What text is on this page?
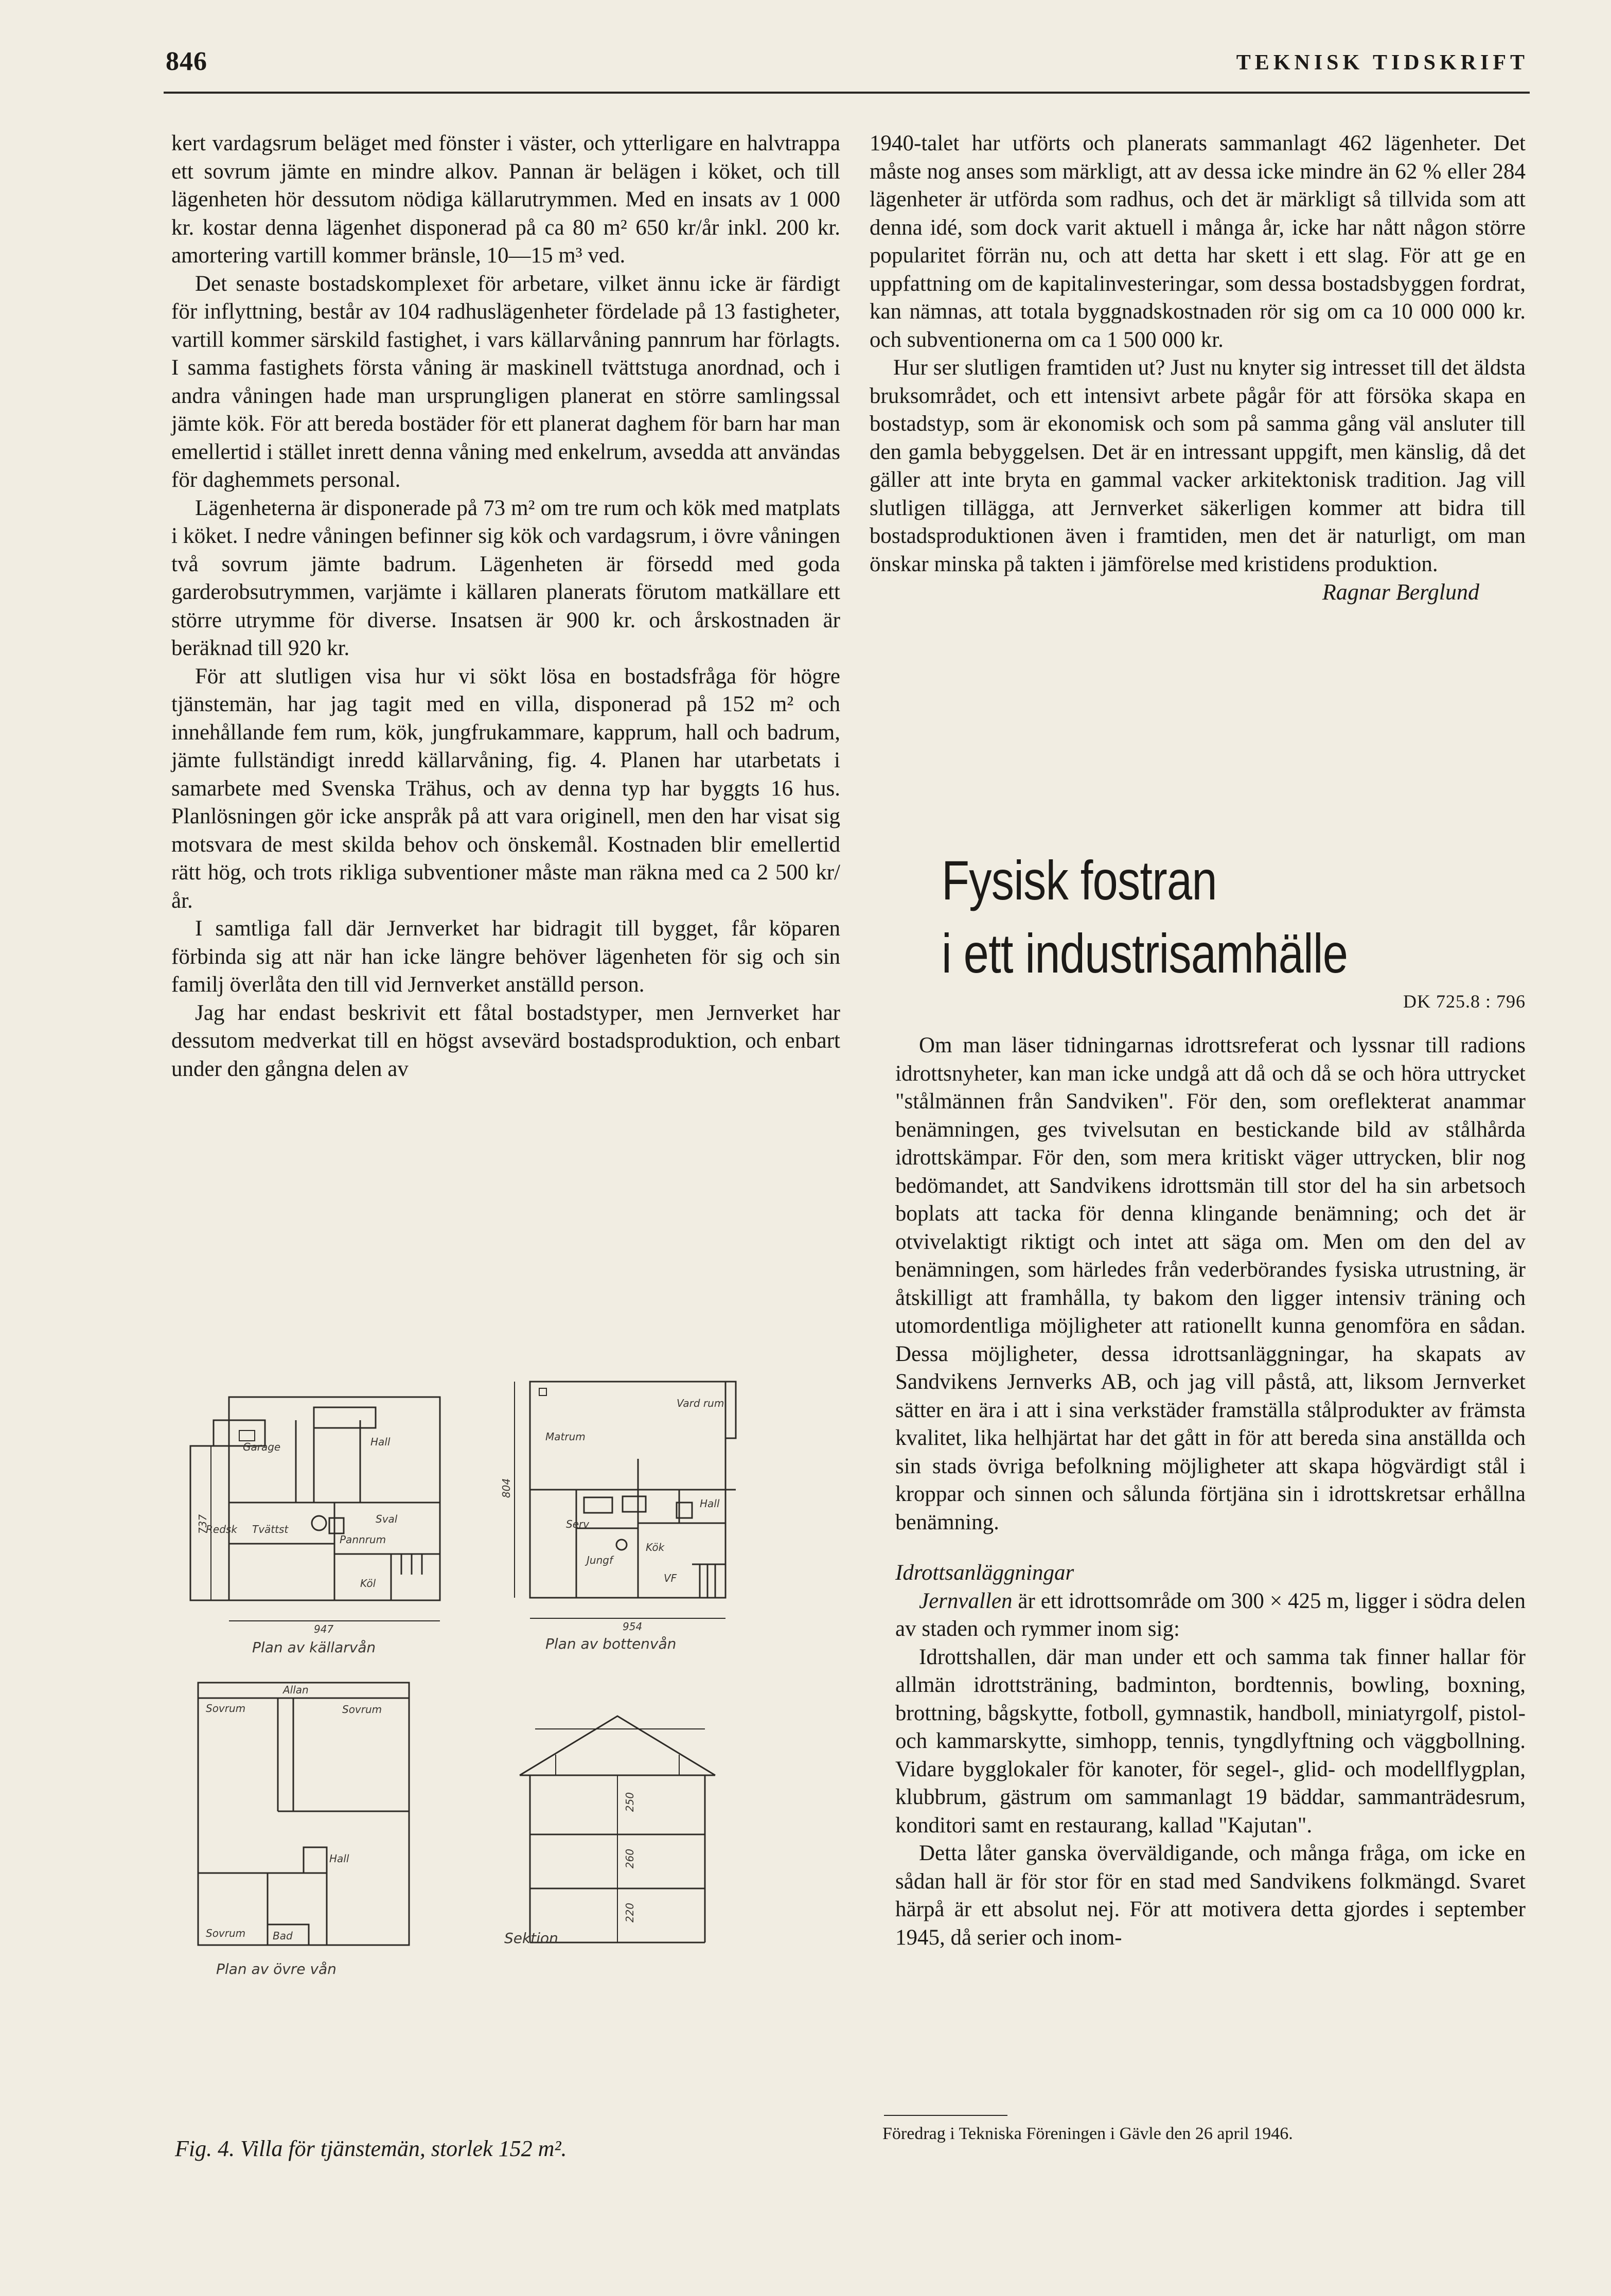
846	TEKNISK TIDSKRIFT

kert vardagsrum beläget med fönster i väster, och ytterligare en halvtrappa ett sovrum jämte en mindre alkov. Pannan är belägen i köket, och till lägenheten hör dessutom nödiga källarutrymmen. Med en insats av 1 000 kr. kostar denna lägenhet disponerad på ca 80 m² 650 kr/år inkl. 200 kr. amortering vartill kommer bränsle, 10—15 m³ ved.

Det senaste bostadskomplexet för arbetare, vilket ännu icke är färdigt för inflyttning, består av 104 radhuslägenheter fördelade på 13 fastigheter, vartill kommer särskild fastighet, i vars källarvåning pannrum har förlagts. I samma fastighets första våning är maskinell tvättstuga anordnad, och i andra våningen hade man ursprungligen planerat en större samlingssal jämte kök. För att bereda bostäder för ett planerat daghem för barn har man emellertid i stället inrett denna våning med enkelrum, avsedda att användas för daghemmets personal.

Lägenheterna är disponerade på 73 m² om tre rum och kök med matplats i köket. I nedre våningen befinner sig kök och vardagsrum, i övre våningen två sovrum jämte badrum. Lägenheten är försedd med goda garderobsutrymmen, varjämte i källaren planerats förutom matkällare ett större utrymme för diverse. Insatsen är 900 kr. och årskostnaden är beräknad till 920 kr.

För att slutligen visa hur vi sökt lösa en bostadsfråga för högre tjänstemän, har jag tagit med en villa, disponerad på 152 m² och innehållande fem rum, kök, jungfrukammare, kapprum, hall och badrum, jämte fullständigt inredd källarvåning, fig. 4. Planen har utarbetats i samarbete med Svenska Trähus, och av denna typ har byggts 16 hus. Planlösningen gör icke anspråk på att vara originell, men den har visat sig motsvara de mest skilda behov och önskemål. Kostnaden blir emellertid rätt hög, och trots rikliga subventioner måste man räkna med ca 2 500 kr/år.

I samtliga fall där Jernverket har bidragit till bygget, får köparen förbinda sig att när han icke längre behöver lägenheten för sig och sin familj överlåta den till vid Jernverket anställd person.

Jag har endast beskrivit ett fåtal bostadstyper, men Jernverket har dessutom medverkat till en högst avsevärd bostadsproduktion, och enbart under den gångna delen av

1940-talet har utförts och planerats sammanlagt 462 lägenheter. Det måste nog anses som märkligt, att av dessa icke mindre än 62 % eller 284 lägenheter är utförda som radhus, och det är märkligt så tillvida som att denna idé, som dock varit aktuell i många år, icke har nått någon större popularitet förrän nu, och att detta har skett i ett slag. För att ge en uppfattning om de kapitalinvesteringar, som dessa bostadsbyggen fordrat, kan nämnas, att totala byggnadskostnaden rör sig om ca 10 000 000 kr. och subventionerna om ca 1 500 000 kr.

Hur ser slutligen framtiden ut? Just nu knyter sig intresset till det äldsta bruksområdet, och ett intensivt arbete pågår för att försöka skapa en bostadstyp, som är ekonomisk och som på samma gång väl ansluter till den gamla bebyggelsen. Det är en intressant uppgift, men känslig, då det gäller att inte bryta en gammal vacker arkitektonisk tradition. Jag vill slutligen tillägga, att Jernverket säkerligen kommer att bidra till bostadsproduktionen även i framtiden, men det är naturligt, om man önskar minska på takten i jämförelse med kristidens produktion.

Ragnar Berglund
Fysisk fostran
i ett industrisamhälle
DK 725.8 : 796

Om man läser tidningarnas idrottsreferat och lyssnar till radions idrottsnyheter, kan man icke undgå att då och då se och höra uttrycket "stålmännen från Sandviken". För den, som oreflekterat anammar benämningen, ges tvivelsutan en bestickande bild av stålhårda idrottskämpar. För den, som mera kritiskt väger uttrycken, blir nog bedömandet, att Sandvikens idrottsmän till stor del ha sin arbetsoch boplats att tacka för denna klingande benämning; och det är otvivelaktigt riktigt och intet att säga om. Men om den del av benämningen, som härledes från vederbörandes fysiska utrustning, är åtskilligt att framhålla, ty bakom den ligger intensiv träning och utomordentliga möjligheter att rationellt kunna genomföra en sådan. Dessa möjligheter, dessa idrottsanläggningar, ha skapats av Sandvikens Jernverks AB, och jag vill påstå, att, liksom Jernverket sätter en ära i att i sina verkstäder framställa stålprodukter av främsta kvalitet, lika helhjärtat har det gått in för att bereda sina anställda och sin stads övriga befolkning möjligheter att skapa högvärdigt stål i kroppar och sinnen och sålunda förtjäna sin i idrottskretsar erhållna benämning.

Idrottsanläggningar

Jernvallen är ett idrottsområde om 300 × 425 m, ligger i södra delen av staden och rymmer inom sig:

Idrottshallen, där man under ett och samma tak finner hallar för allmän idrottsträning, badminton, bordtennis, bowling, boxning, brottning, bågskytte, fotboll, gymnastik, handboll, miniatyrgolf, pistol- och kammarskytte, simhopp, tennis, tyngdlyftning och väggbollning. Vidare bygglokaler för kanoter, för segel-, glid- och modellflygplan, klubbrum, gästrum om sammanlagt 19 bäddar, sammanträdesrum, konditori samt en restaurang, kallad "Kajutan".

Detta låter ganska överväldigande, och många fråga, om icke en sådan hall är för stor för en stad med Sandvikens folkmängd. Svaret härpå är ett absolut nej. För att motivera detta gjordes i september 1945, då serier och inom-

Föredrag i Tekniska Föreningen i Gävle den 26 april 1946.
Garage	Hall
Tvättst
Pannrum
Sval
Redsk
Köl
Vard rum
Matrum
Hall
Serv
Kök
Jungf
VF
Allan
Sovrum	Sovrum
Hall
Sovrum	Bad
947
737
954
804
250
260
220
Plan av källarvån	Plan av bottenvån
Plan av övre vån
Sektion
Fig. 4. Villa för tjänstemän, storlek 152 m².
